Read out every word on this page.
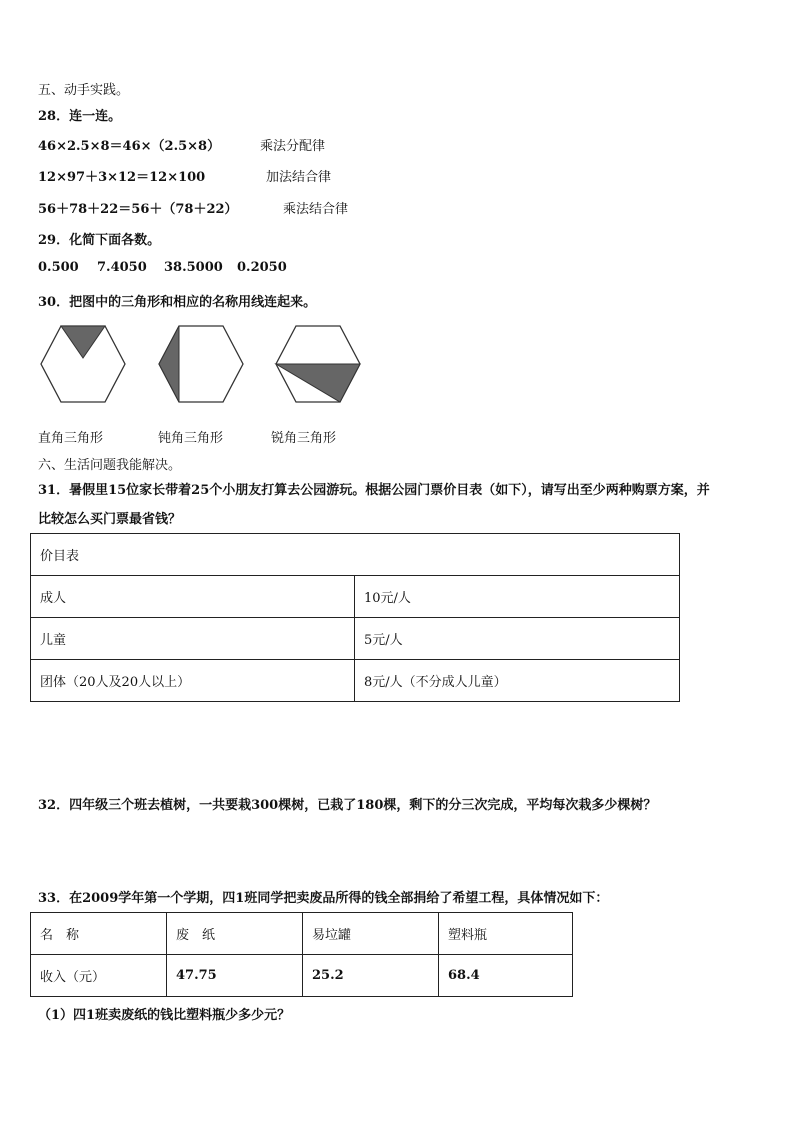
五、动手实践。
28．连一连。
46×2.5×8＝46×（2.5×8）	乘法分配律
12×97＋3×12＝12×100	加法结合律
56＋78＋22＝56＋（78＋22）	乘法结合律
29．化简下面各数。
0.500 7.4050 38.5000 0.2050
30．把图中的三角形和相应的名称用线连起来。
直角三角形	钝角三角形	锐角三角形
六、生活问题我能解决。
31．暑假里15位家长带着25个小朋友打算去公园游玩。根据公园门票价目表（如下），请写出至少两种购票方案，并
比较怎么买门票最省钱？
价目表	
成人	10元/人
儿童	5元/人
团体（20人及20人以上）	8元/人（不分成人儿童）
32．四年级三个班去植树，一共要栽300棵树，已栽了180棵，剩下的分三次完成，平均每次栽多少棵树？
33．在2009学年第一个学期，四1班同学把卖废品所得的钱全部捐给了希望工程，具体情况如下：
名　称	废　纸	易垃罐	塑料瓶
收入（元）	47.75	25.2	68.4
（1）四1班卖废纸的钱比塑料瓶少多少元？
